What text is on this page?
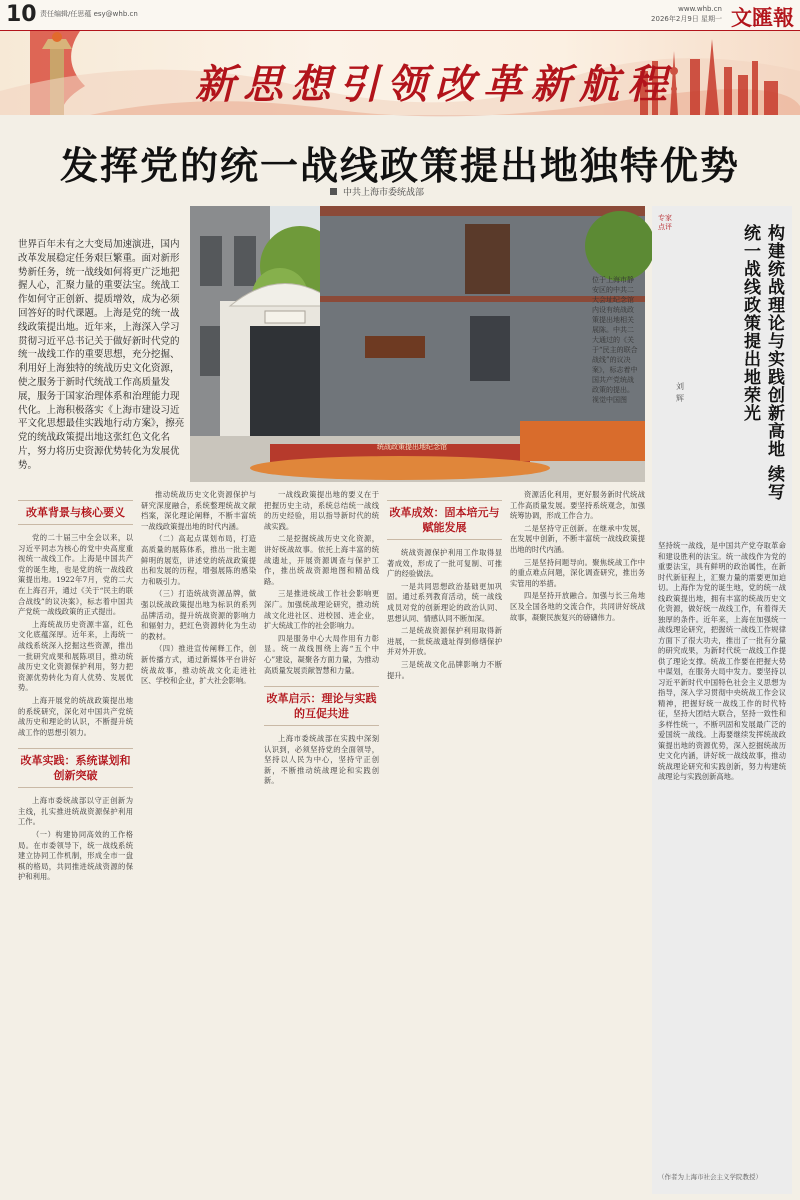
10 责任编辑/任思蕴 esy@whb.cn
www.whb.cn
2026年2月9日 星期一 文匯報
新思想引领改革新航程
发挥党的统一战线政策提出地独特优势
中共上海市委统战部
世界百年未有之大变局加速演进，国内改革发展稳定任务艰巨繁重。面对新形势新任务，统一战线如何将更广泛地把握人心，汇聚力量的重要法宝。统战工作如何守正创新、提质增效，成为必须回答好的时代课题。上海是党的统一战线政策提出地。近年来，上海深入学习贯彻习近平总书记关于做好新时代党的统一战线工作的重要思想，充分挖掘、利用好上海独特的统战历史文化资源，使之服务于新时代统战工作高质量发展，服务于国家治理体系和治理能力现代化。上海积极落实《上海市建设习近平文化思想最佳实践地行动方案》，擦亮党的统战政策提出地这张红色文化名片，努力将历史资源优势转化为发展优势。
统战政策提出地纪念馆
位于上海市静安区的中共二大会址纪念馆内设有统战政策提出地相关展陈。中共二大通过的《关于“民主的联合战线”的议决案》，标志着中国共产党统战政策的提出。 视觉中国图
专家点评	构建统战理论与实践创新高地 续写统一战线政策提出地荣光
刘辉
坚持统一战线，是中国共产党夺取革命和建设胜利的法宝。统一战线作为党的重要法宝，具有鲜明的政治属性，在新时代新征程上，汇聚力量的需要更加迫切。上海作为党的诞生地，党的统一战线政策提出地，拥有丰富的统战历史文化资源，做好统一战线工作，有着得天独厚的条件。近年来，上海在加强统一战线理论研究，把握统一战线工作规律方面下了很大功夫，推出了一批有分量的研究成果，为新时代统一战线工作提供了理论支撑。统战工作要在把握大势中谋划，在服务大局中发力。要坚持以习近平新时代中国特色社会主义思想为指导，深入学习贯彻中央统战工作会议精神，把握好统一战线工作的时代特征，坚持大团结大联合，坚持一致性和多样性统一，不断巩固和发展最广泛的爱国统一战线。上海要继续发挥统战政策提出地的资源优势，深入挖掘统战历史文化内涵，讲好统一战线故事，推动统战理论研究和实践创新，努力构建统战理论与实践创新高地。
（作者为上海市社会主义学院教授）
改革背景与核心要义

党的二十届三中全会以来，以习近平同志为核心的党中央高度重视统一战线工作。上海是中国共产党的诞生地，也是党的统一战线政策提出地。1922年7月，党的二大在上海召开，通过《关于“民主的联合战线”的议决案》，标志着中国共产党统一战线政策的正式提出。

上海统战历史资源丰富，红色文化底蕴深厚。近年来，上海统一战线系统深入挖掘这些资源，推出一批研究成果和展陈项目，推动统战历史文化资源保护利用，努力把资源优势转化为育人优势、发展优势。

上海开展党的统战政策提出地的系统研究，深化对中国共产党统战历史和理论的认识，不断提升统战工作的思想引领力。

改革实践：系统谋划和创新突破

上海市委统战部以守正创新为主线，扎实推进统战资源保护利用工作。

（一）构建协同高效的工作格局。在市委领导下，统一战线系统建立协同工作机制，形成全市一盘棋的格局，共同推进统战资源的保护和利用。

推动统战历史文化资源保护与研究深度融合，系统整理统战文献档案，深化理论阐释，不断丰富统一战线政策提出地的时代内涵。

（二）高起点谋划布局，打造高质量的展陈体系，推出一批主题鲜明的展览，讲述党的统战政策提出和发展的历程，增强展陈的感染力和吸引力。

（三）打造统战资源品牌，做强以统战政策提出地为标识的系列品牌活动，提升统战资源的影响力和辐射力，把红色资源转化为生动的教材。

（四）推进宣传阐释工作，创新传播方式，通过新媒体平台讲好统战故事，推动统战文化走进社区、学校和企业，扩大社会影响。

一战线政策提出地的要义在于把握历史主动，系统总结统一战线的历史经验，用以指导新时代的统战实践。

二是挖掘统战历史文化资源，讲好统战故事。依托上海丰富的统战遗址，开展资源调查与保护工作，推出统战资源地图和精品线路。

三是推进统战工作社会影响更深广。加强统战理论研究，推动统战文化进社区、进校园、进企业，扩大统战工作的社会影响力。

四是服务中心大局作用有力彰显。统一战线围绕上海“五个中心”建设，凝聚各方面力量，为推动高质量发展贡献智慧和力量。

改革启示：理论与实践的互促共进

上海市委统战部在实践中深刻认识到，必须坚持党的全面领导，坚持以人民为中心，坚持守正创新，不断推动统战理论和实践创新。

改革成效：固本培元与赋能发展

统战资源保护利用工作取得显著成效，形成了一批可复制、可推广的经验做法。

一是共同思想政治基础更加巩固。通过系列教育活动，统一战线成员对党的创新理论的政治认同、思想认同、情感认同不断加深。

二是统战资源保护利用取得新进展，一批统战遗址得到修缮保护并对外开放。

三是统战文化品牌影响力不断提升。

资源活化利用，更好服务新时代统战工作高质量发展。要坚持系统观念，加强统筹协调，形成工作合力。

二是坚持守正创新。在继承中发展，在发展中创新，不断丰富统一战线政策提出地的时代内涵。

三是坚持问题导向。聚焦统战工作中的重点难点问题，深化调查研究，推出务实管用的举措。

四是坚持开放融合。加强与长三角地区及全国各地的交流合作，共同讲好统战故事，凝聚民族复兴的磅礴伟力。
